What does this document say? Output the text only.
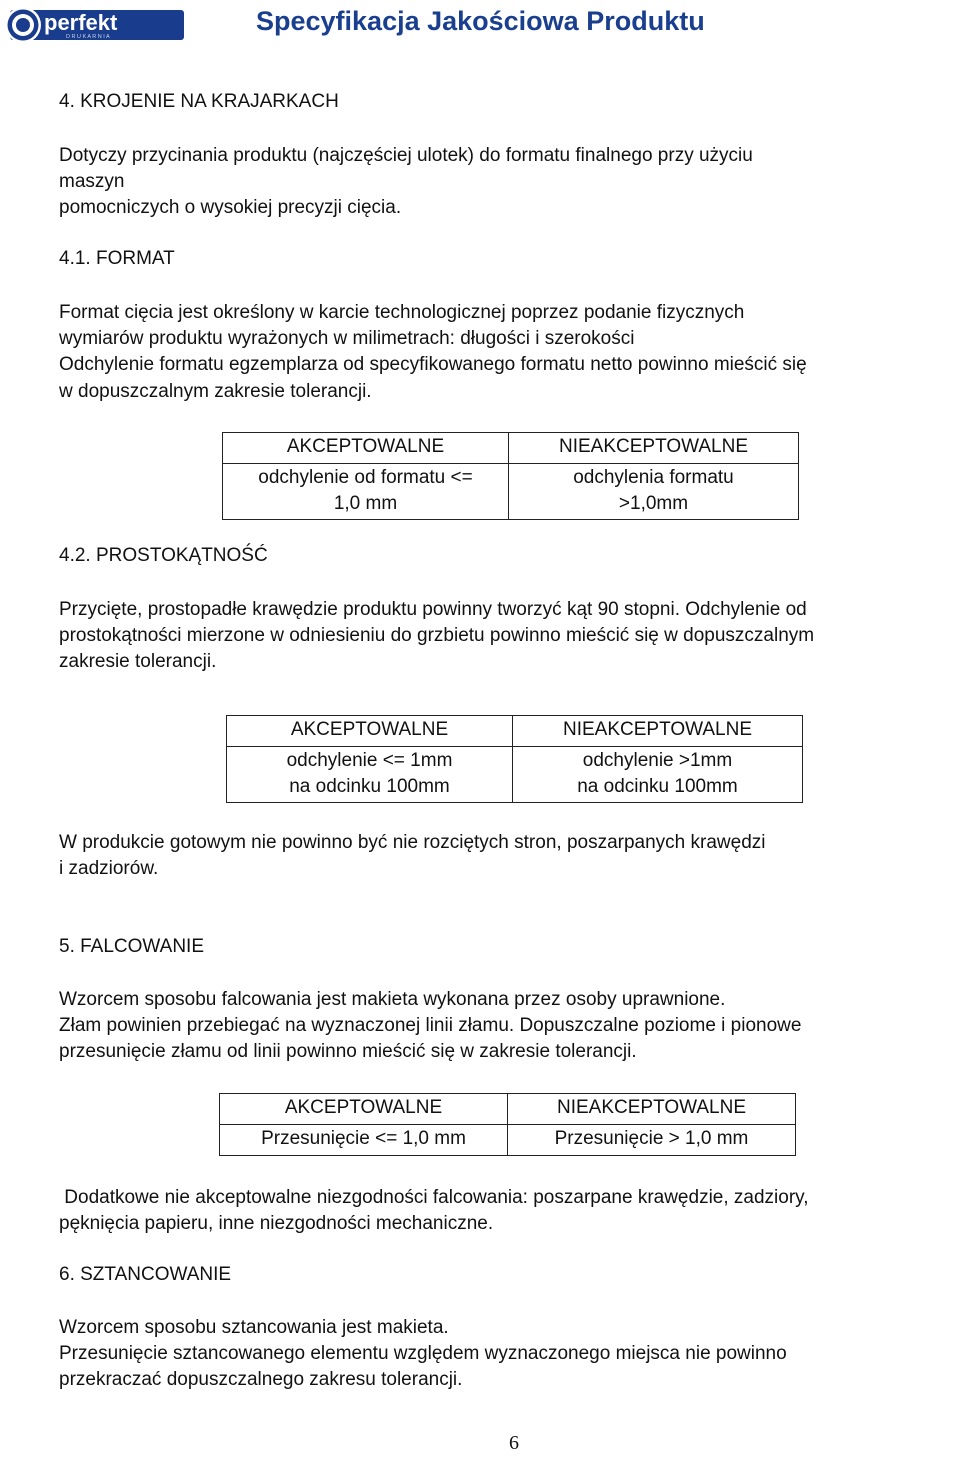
perfekt
D R U K A R N I A
Specyfikacja Jakościowa Produktu

4. KROJENIE NA KRAJARKACH

Dotyczy przycinania produktu (najczęściej ulotek) do formatu finalnego przy użyciu
maszyn
pomocniczych o wysokiej precyzji cięcia.

4.1. FORMAT

Format cięcia jest określony w karcie technologicznej poprzez podanie fizycznych
wymiarów produktu wyrażonych w milimetrach: długości i szerokości
Odchylenie formatu egzemplarza od specyfikowanego formatu netto powinno mieścić się
w dopuszczalnym zakresie tolerancji.
AKCEPTOWALNE	NIEAKCEPTOWALNE

odchylenie od formatu <=
1,0 mm	odchylenia formatu
>1,0mm

4.2. PROSTOKĄTNOŚĆ

Przycięte, prostopadłe krawędzie produktu powinny tworzyć kąt 90 stopni. Odchylenie od
prostokątności mierzone w odniesieniu do grzbietu powinno mieścić się w dopuszczalnym
zakresie tolerancji.
AKCEPTOWALNE	NIEAKCEPTOWALNE

odchylenie <= 1mm
na odcinku 100mm	odchylenie >1mm
na odcinku 100mm
W produkcie gotowym nie powinno być nie rozciętych stron, poszarpanych krawędzi
i zadziorów.

5. FALCOWANIE

Wzorcem sposobu falcowania jest makieta wykonana przez osoby uprawnione.
Złam powinien przebiegać na wyznaczonej linii złamu. Dopuszczalne poziome i pionowe
przesunięcie złamu od linii powinno mieścić się w zakresie tolerancji.
AKCEPTOWALNE	NIEAKCEPTOWALNE
Przesunięcie <= 1,0 mm	Przesunięcie > 1,0 mm
Dodatkowe nie akceptowalne niezgodności falcowania: poszarpane krawędzie, zadziory,
pęknięcia papieru, inne niezgodności mechaniczne.

6. SZTANCOWANIE

Wzorcem sposobu sztancowania jest makieta.
Przesunięcie sztancowanego elementu względem wyznaczonego miejsca nie powinno
przekraczać dopuszczalnego zakresu tolerancji.
6
